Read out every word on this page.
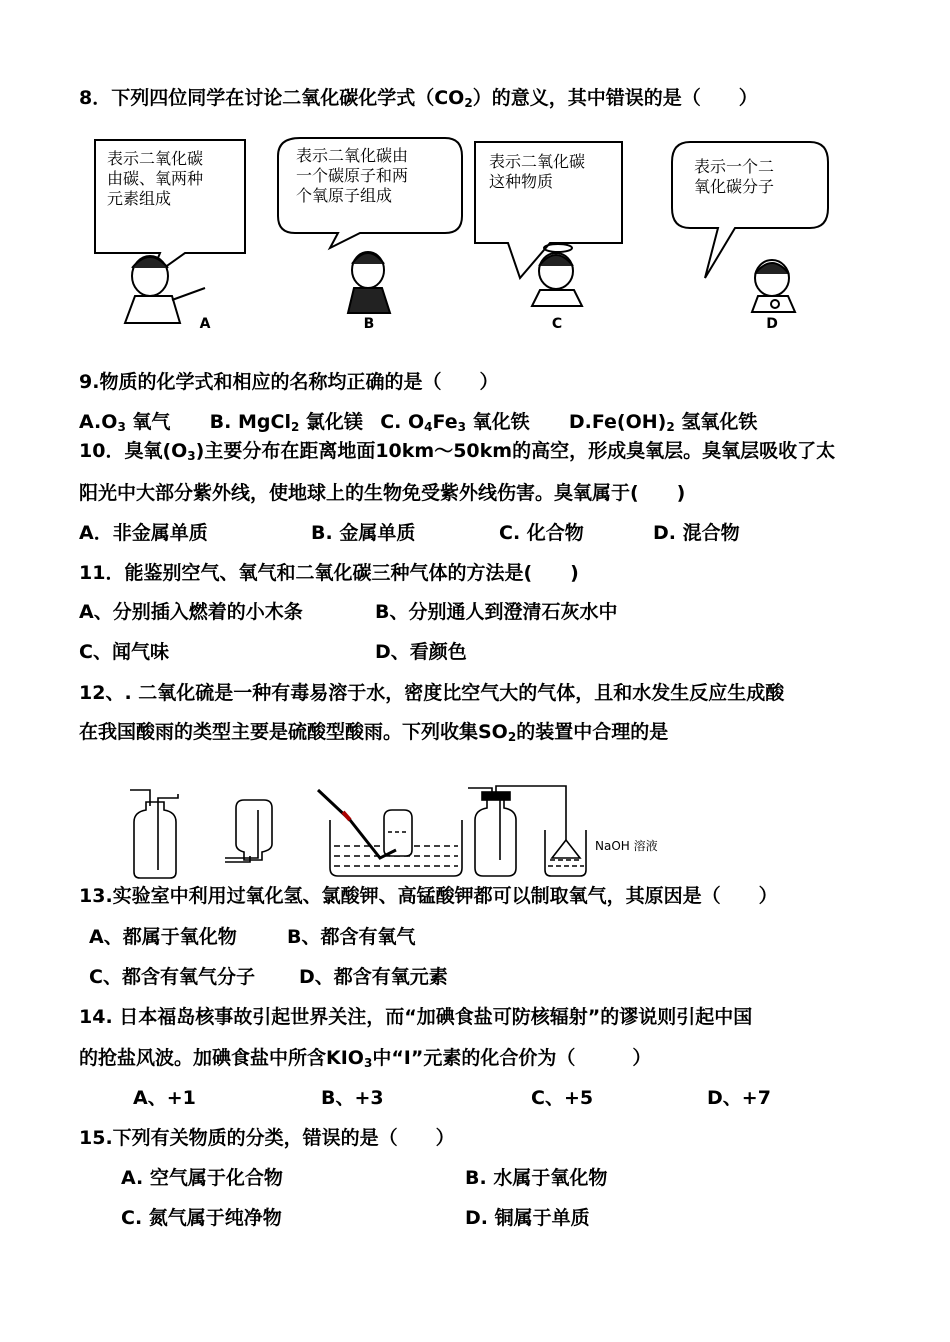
8．下列四位同学在讨论二氧化碳化学式$(CO_2)$的意义，其中错误的是（　　）
A	B	C	D
表示二氧化碳
由碳、氧两种
元素组成
表示二氧化碳由
一个碳原子和两
个氧原子组成
表示二氧化碳
这种物质
表示一个二
氧化碳分子
9.物质的化学式和相应的名称均正确的是（　　）
$A.O_3$ 氧气 B. MgCl$_2$ 氯化镁 C. $O_4Fe_3$ 氧化铁 $D.Fe(OH)_2$ 氢氧化铁
10．臭氧$(O_3)$主要分布在距离地面10km～50km的高空，形成臭氧层。臭氧层吸收了太
阳光中大部分紫外线，使地球上的生物免受紫外线伤害。臭氧属于(　　)
A．非金属单质	B. 金属单质	C. 化合物	D. 混合物
11．能鉴别空气、氧气和二氧化碳三种气体的方法是(　　)
A、分别插入燃着的小木条	B、分别通人到澄清石灰水中
C、闻气味	D、看颜色
12、. 二氧化硫是一种有毒易溶于水，密度比空气大的气体，且和水发生反应生成酸
在我国酸雨的类型主要是硫酸型酸雨。下列收集$SO_2$的装置中合理的是
NaOH 溶液
13.实验室中利用过氧化氢、氯酸钾、高锰酸钾都可以制取氧气，其原因是（　　）
A、都属于氧化物	B、都含有氧气
C、都含有氧气分子 D、都含有氧元素
14. 日本福岛核事故引起世界关注，而“加碘食盐可防核辐射”的谬说则引起中国
的抢盐风波。加碘食盐中所含$KIO_3$中“I”元素的化合价为（　　　）
A、+1	B、+3	C、+5	D、+7
15.下列有关物质的分类，错误的是（　　）
A. 空气属于化合物	B. 水属于氧化物
C. 氮气属于纯净物	D. 铜属于单质
